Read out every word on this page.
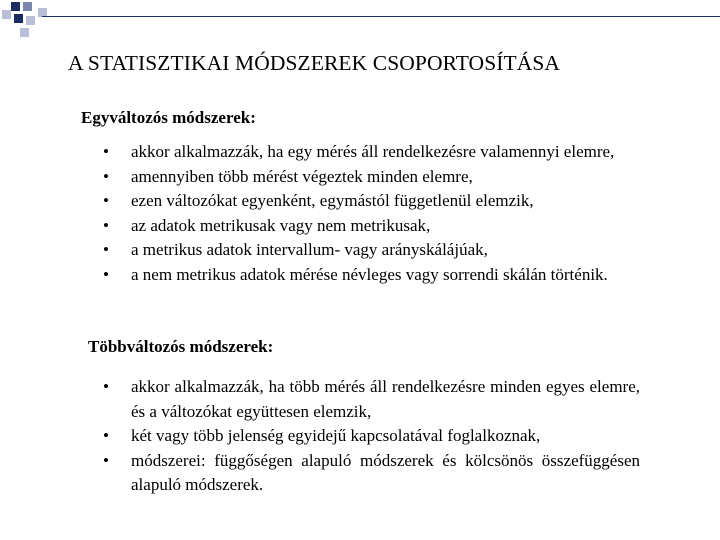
A STATISZTIKAI MÓDSZEREK CSOPORTOSÍTÁSA
Egyváltozós módszerek:
• akkor alkalmazzák, ha egy mérés áll rendelkezésre valamennyi elemre,
• amennyiben több mérést végeztek minden elemre,
• ezen változókat egyenként, egymástól függetlenül elemzik,
• az adatok metrikusak vagy nem metrikusak,
• a metrikus adatok intervallum- vagy arányskálájúak,
• a nem metrikus adatok mérése névleges vagy sorrendi skálán történik.
Többváltozós módszerek:
• akkor alkalmazzák, ha több mérés áll rendelkezésre minden egyes elemre, és a változókat együttesen elemzik,
• két vagy több jelenség egyidejű kapcsolatával foglalkoznak,
• módszerei: függőségen alapuló módszerek és kölcsönös összefüggésen alapuló módszerek.
